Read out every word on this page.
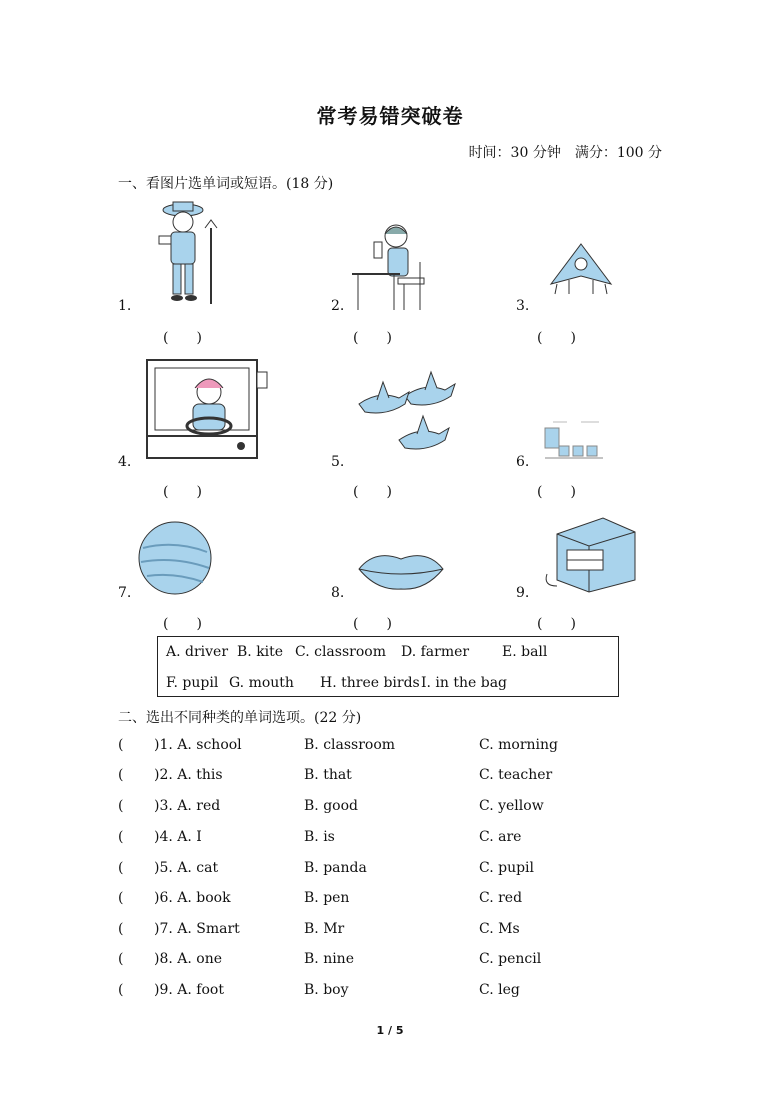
常考易错突破卷
时间：30 分钟　满分：100 分
一、看图片选单词或短语。(18 分)
1.
(　　)
2.
(　　)
3.
(　　)
4.
(　　)
5.
(　　)
6.
(　　)
7.
(　　)
8.
(　　)
9.
(　　)
A. driver B. kite C. classroom D. farmer E. ball
F. pupil G. mouth H. three birds I. in the bag
二、选出不同种类的单词选项。(22 分)
( )1. A. school	B. classroom	C. morning
( )2. A. this	B. that	C. teacher
( )3. A. red	B. good	C. yellow
( )4. A. I	B. is	C. are
( )5. A. cat	B. panda	C. pupil
( )6. A. book	B. pen	C. red
( )7. A. Smart	B. Mr	C. Ms
( )8. A. one	B. nine	C. pencil
( )9. A. foot	B. boy	C. leg
1 / 5
